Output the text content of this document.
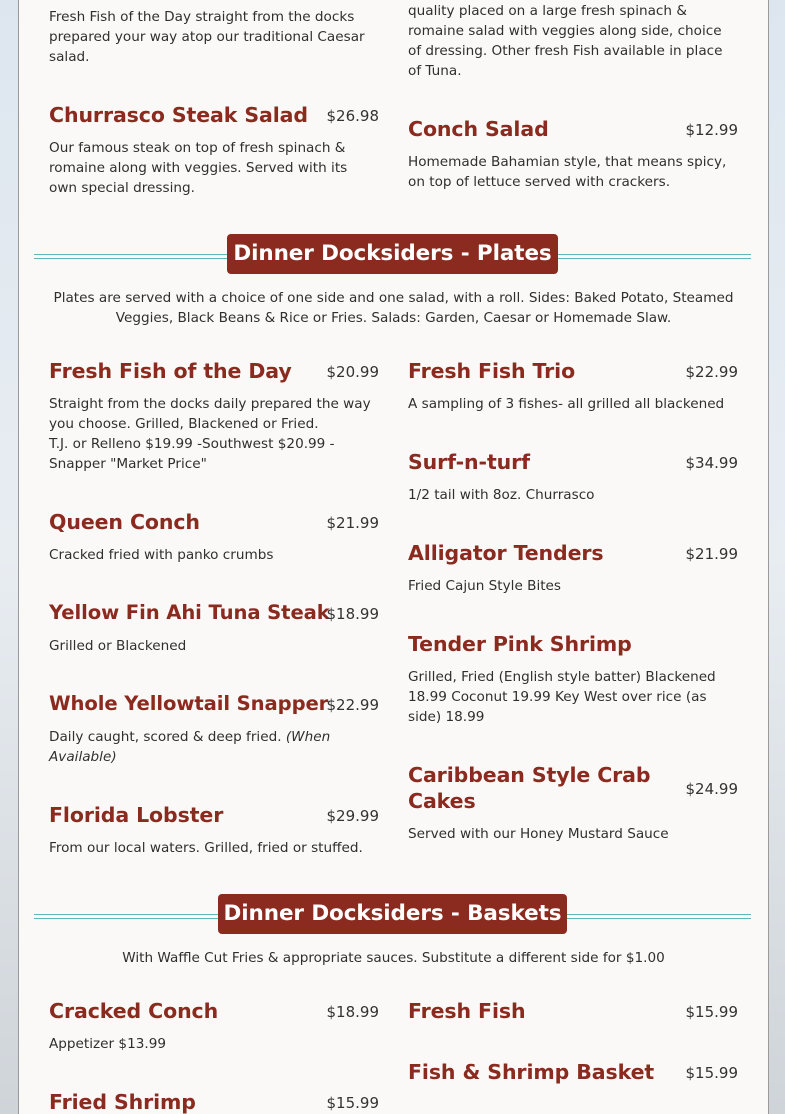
Fresh Fish of the Day straight from the docks prepared your way atop our traditional Caesar salad.
quality placed on a large fresh spinach & romaine salad with veggies along side, choice of dressing. Other fresh Fish available in place of Tuna.
Churrasco Steak Salad $26.98
Our famous steak on top of fresh spinach & romaine along with veggies. Served with its own special dressing.
Conch Salad	$12.99
Homemade Bahamian style, that means spicy, on top of lettuce served with crackers.
Dinner Docksiders - Plates
Plates are served with a choice of one side and one salad, with a roll. Sides: Baked Potato, Steamed Veggies, Black Beans & Rice or Fries. Salads: Garden, Caesar or Homemade Slaw.
Fresh Fish of the Day $20.99
Straight from the docks daily prepared the way you choose. Grilled, Blackened or Fried.
T.J. or Relleno $19.99 -Southwest $20.99 - Snapper "Market Price"
Queen Conch	$21.99
Cracked fried with panko crumbs
Yellow Fin Ahi Tuna Steak
$18.99
Grilled or Blackened
Whole Yellowtail Snapper
$22.99
Daily caught, scored & deep fried. (When Available)
Florida Lobster	$29.99
From our local waters. Grilled, fried or stuffed.
Fresh Fish Trio	$22.99
A sampling of 3 fishes- all grilled all blackened
Surf-n-turf	$34.99
1/2 tail with 8oz. Churrasco
Alligator Tenders	$21.99
Fried Cajun Style Bites
Tender Pink Shrimp
Grilled, Fried (English style batter) Blackened 18.99 Coconut 19.99 Key West over rice (as side) 18.99
Caribbean Style Crab Cakes	$24.99
Served with our Honey Mustard Sauce
Dinner Docksiders - Baskets
With Waffle Cut Fries & appropriate sauces. Substitute a different side for $1.00
Cracked Conch	$18.99
Appetizer $13.99
Fried Shrimp	$15.99
Fresh Fish	$15.99
Fish & Shrimp Basket $15.99
